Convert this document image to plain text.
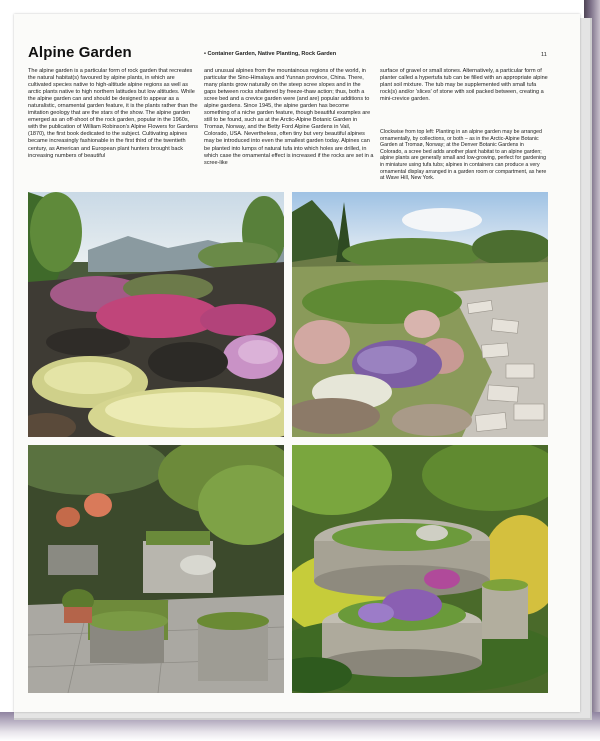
Alpine Garden	• Container Garden, Native Planting, Rock Garden	11

The alpine garden is a particular form of rock garden that recreates the natural habitat(s) favoured by alpine plants, in which are cultivated species native to high-altitude alpine regions as well as arctic plants native to high northern latitudes but low altitudes. While the alpine garden can and should be designed to appear as a naturalistic, ornamental garden feature, it is the plants rather than the imitation geology that are the stars of the show. The alpine garden emerged as an off-shoot of the rock garden, popular in the 1960s, with the publication of William Robinson's Alpine Flowers for Gardens (1870), the first book dedicated to the subject. Cultivating alpines became increasingly fashionable in the first third of the twentieth century, as American and European plant hunters brought back increasing numbers of beautiful

and unusual alpines from the mountainous regions of the world, in particular the Sino-Himalaya and Yunnan province, China. There, many plants grow naturally on the steep scree slopes and in the gaps between rocks shattered by freeze-thaw action; thus, both a scree bed and a crevice garden were (and are) popular additions to alpine gardens. Since 1945, the alpine garden has become something of a niche garden feature, though beautiful examples are still to be found, such as at the Arctic-Alpine Botanic Garden in Tromsø, Norway, and the Betty Ford Alpine Gardens in Vail, Colorado, USA. Nevertheless, often tiny but very beautiful alpines may be introduced into even the smallest garden today. Alpines can be planted into lumps of natural tufa into which holes are drilled, in which case the ornamental effect is increased if the rocks are set in a scree-like

surface of gravel or small stones. Alternatively, a particular form of planter called a hypertufa tub can be filled with an appropriate alpine plant soil mixture. The tub may be supplemented with small tufa rock(s) and/or 'slices' of stone with soil packed between, creating a mini-crevice garden.

Clockwise from top left: Planting in an alpine garden may be arranged ornamentally, by collections, or both – as in the Arctic-Alpine Botanic Garden at Tromsø, Norway; at the Denver Botanic Gardens in Colorado, a scree bed adds another plant habitat to an alpine garden; alpine plants are generally small and low-growing, perfect for gardening in miniature using tufa tubs; alpines in containers can produce a very ornamental display arranged in a garden room or compartment, as here at Wave Hill, New York.
